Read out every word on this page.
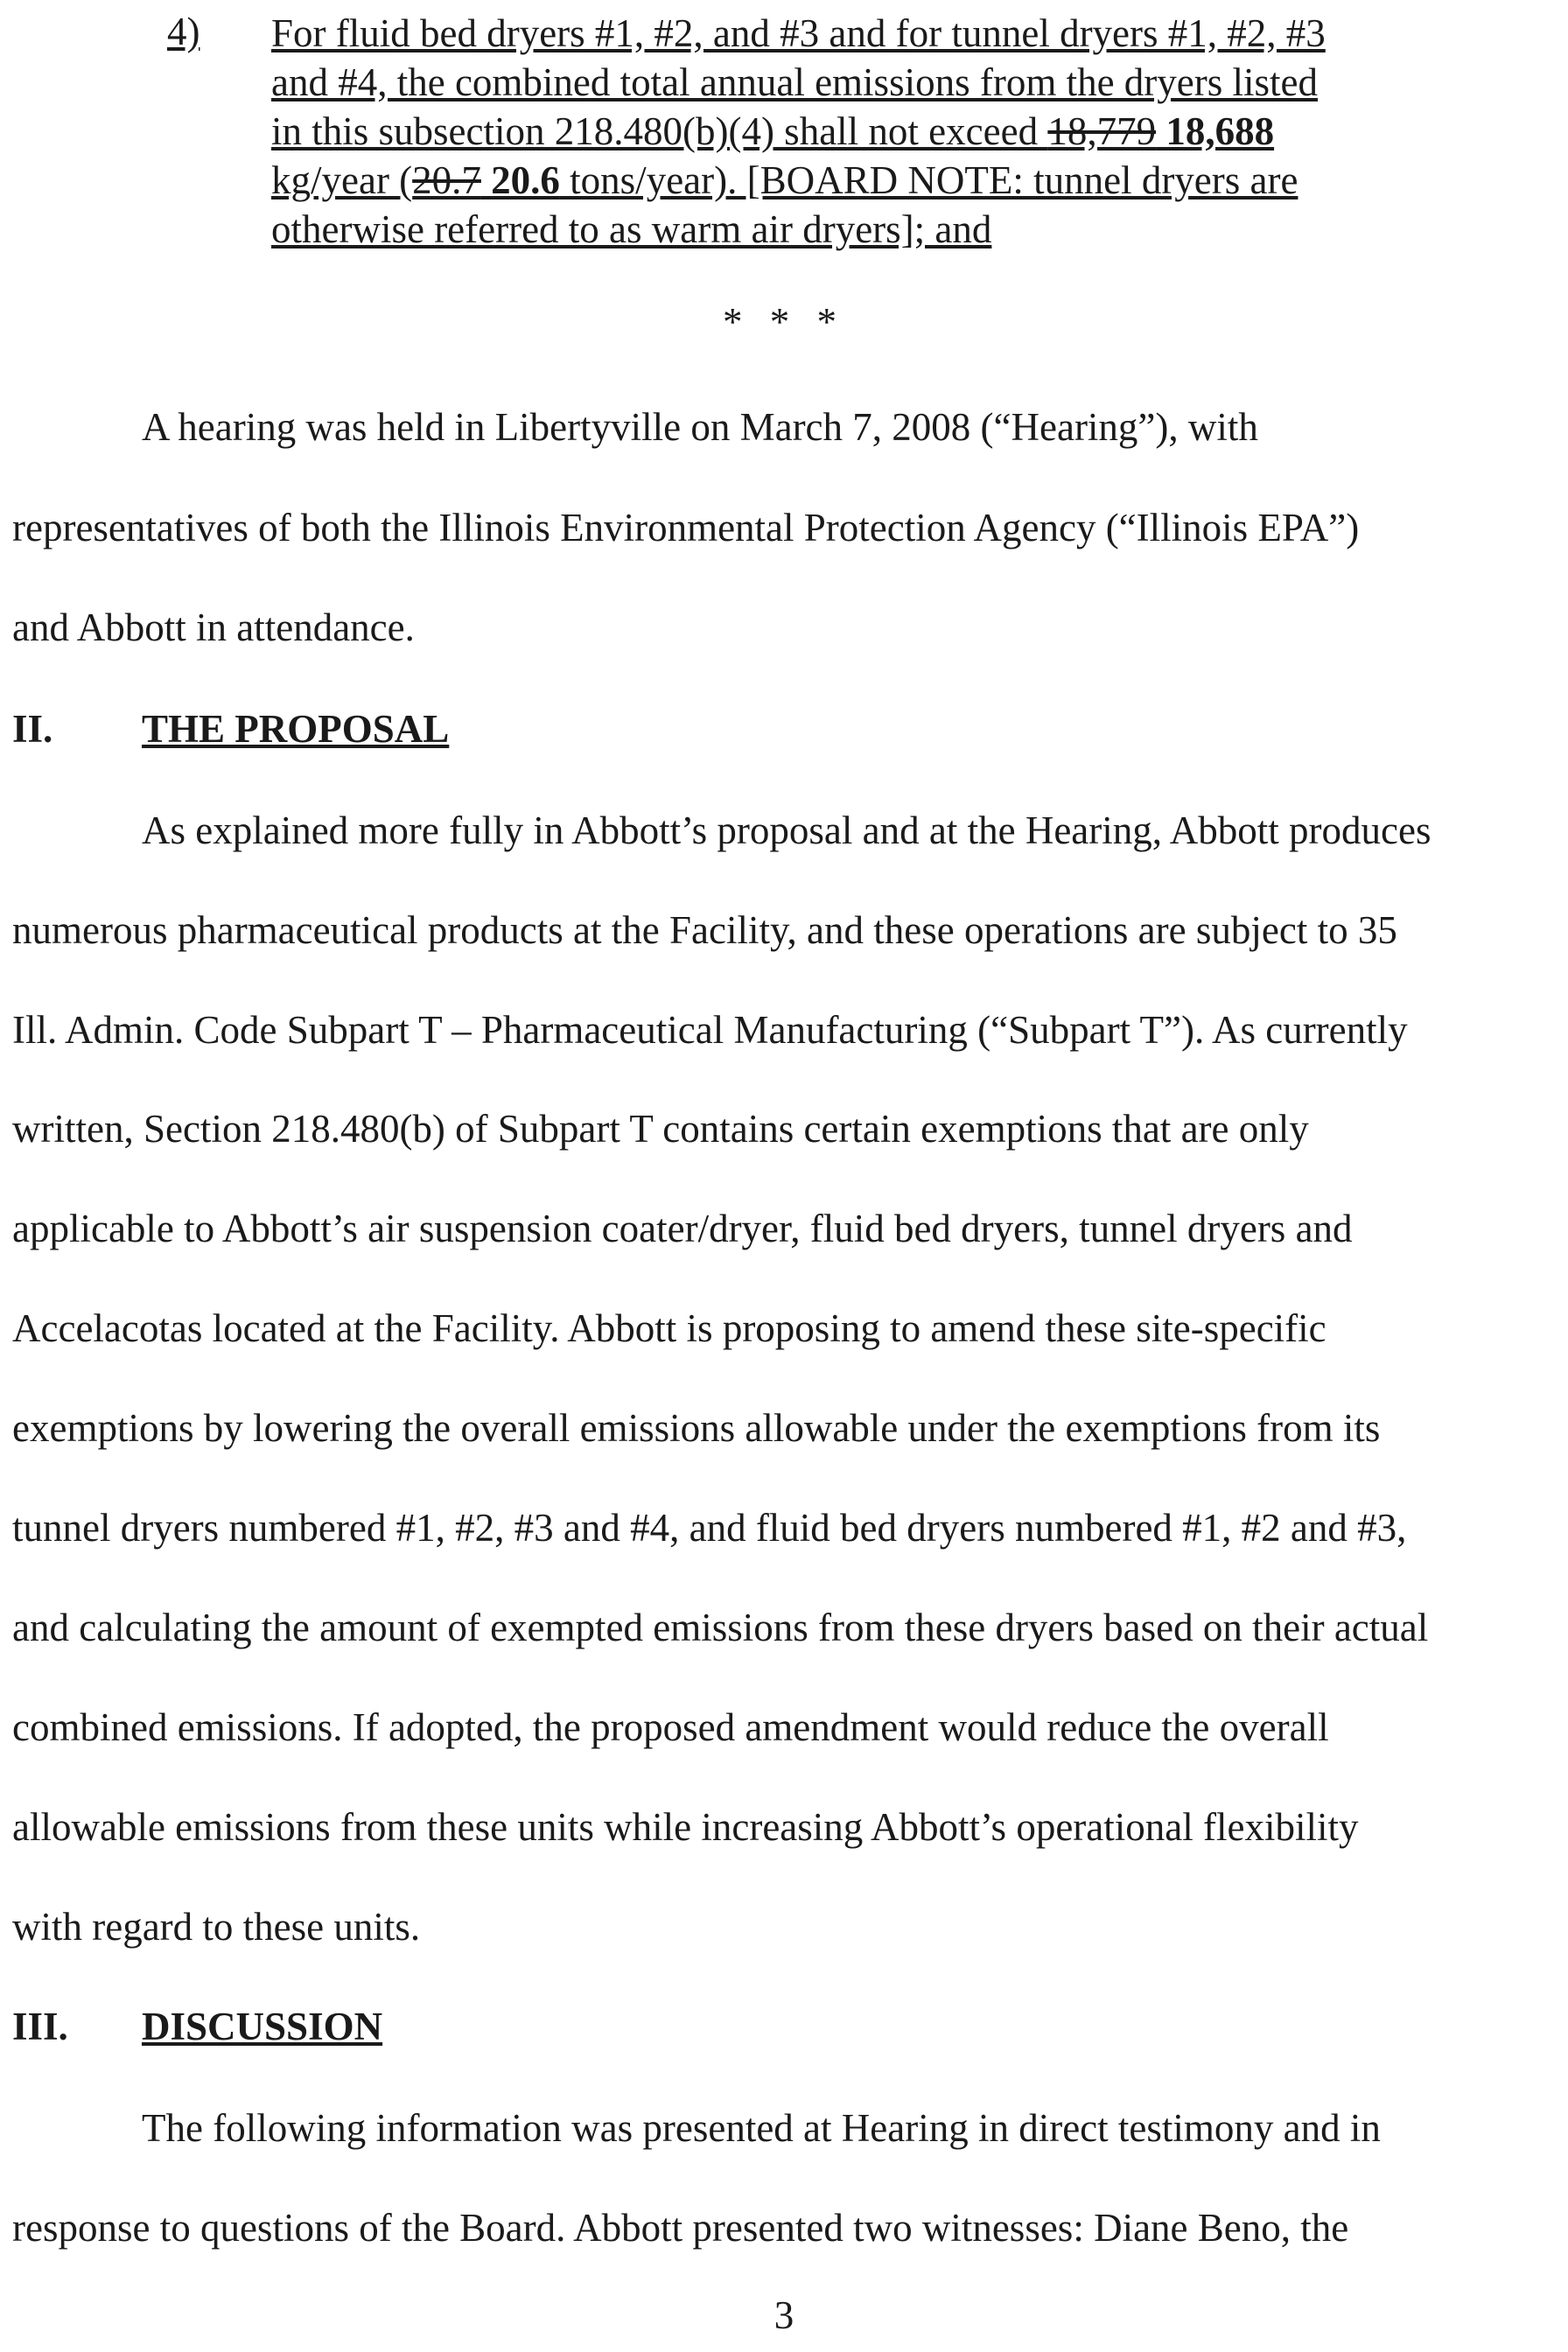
4) For fluid bed dryers #1, #2, and #3 and for tunnel dryers #1, #2, #3
and #4, the combined total annual emissions from the dryers listed
in this subsection 218.480(b)(4) shall not exceed 18,779 18,688
kg/year (20.7 20.6 tons/year). [BOARD NOTE: tunnel dryers are
otherwise referred to as warm air dryers]; and
* * *
A hearing was held in Libertyville on March 7, 2008 (“Hearing”), with
representatives of both the Illinois Environmental Protection Agency (“Illinois EPA”)
and Abbott in attendance.
II. THE PROPOSAL
As explained more fully in Abbott’s proposal and at the Hearing, Abbott produces
numerous pharmaceutical products at the Facility, and these operations are subject to 35
Ill. Admin. Code Subpart T – Pharmaceutical Manufacturing (“Subpart T”). As currently
written, Section 218.480(b) of Subpart T contains certain exemptions that are only
applicable to Abbott’s air suspension coater/dryer, fluid bed dryers, tunnel dryers and
Accelacotas located at the Facility. Abbott is proposing to amend these site-specific
exemptions by lowering the overall emissions allowable under the exemptions from its
tunnel dryers numbered #1, #2, #3 and #4, and fluid bed dryers numbered #1, #2 and #3,
and calculating the amount of exempted emissions from these dryers based on their actual
combined emissions. If adopted, the proposed amendment would reduce the overall
allowable emissions from these units while increasing Abbott’s operational flexibility
with regard to these units.
III. DISCUSSION
The following information was presented at Hearing in direct testimony and in
response to questions of the Board. Abbott presented two witnesses: Diane Beno, the
3
